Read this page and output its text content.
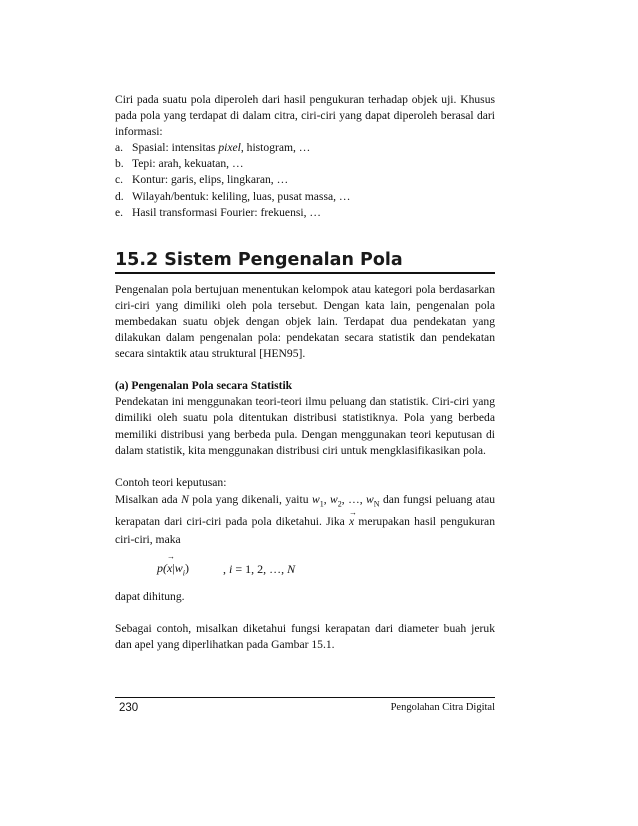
Ciri pada suatu pola diperoleh dari hasil pengukuran terhadap objek uji. Khusus pada pola yang terdapat di dalam citra, ciri-ciri yang dapat diperoleh berasal dari informasi:

a. Spasial: intensitas pixel, histogram, …
b. Tepi: arah, kekuatan, …
c. Kontur: garis, elips, lingkaran, …
d. Wilayah/bentuk: keliling, luas, pusat massa, …
e. Hasil transformasi Fourier: frekuensi, …
15.2 Sistem Pengenalan Pola

Pengenalan pola bertujuan menentukan kelompok atau kategori pola berdasarkan ciri-ciri yang dimiliki oleh pola tersebut. Dengan kata lain, pengenalan pola membedakan suatu objek dengan objek lain. Terdapat dua pendekatan yang dilakukan dalam pengenalan pola: pendekatan secara statistik dan pendekatan secara sintaktik atau struktural [HEN95].

(a) Pengenalan Pola secara Statistik

Pendekatan ini menggunakan teori-teori ilmu peluang dan statistik. Ciri-ciri yang dimiliki oleh suatu pola ditentukan distribusi statistiknya. Pola yang berbeda memiliki distribusi yang berbeda pula. Dengan menggunakan teori keputusan di dalam statistik, kita menggunakan distribusi ciri untuk mengklasifikasikan pola.

Contoh teori keputusan:

Misalkan ada N pola yang dikenali, yaitu $w_1$, $w_2$, …, $w_N$ dan fungsi peluang atau kerapatan dari ciri-ciri pada pola diketahui. Jika → x merupakan hasil pengukuran ciri-ciri, maka

$p(\to x|w_i)$	, i = 1, 2, …, N

dapat dihitung.

Sebagai contoh, misalkan diketahui fungsi kerapatan dari diameter buah jeruk dan apel yang diperlihatkan pada Gambar 15.1.

230	Pengolahan Citra Digital
